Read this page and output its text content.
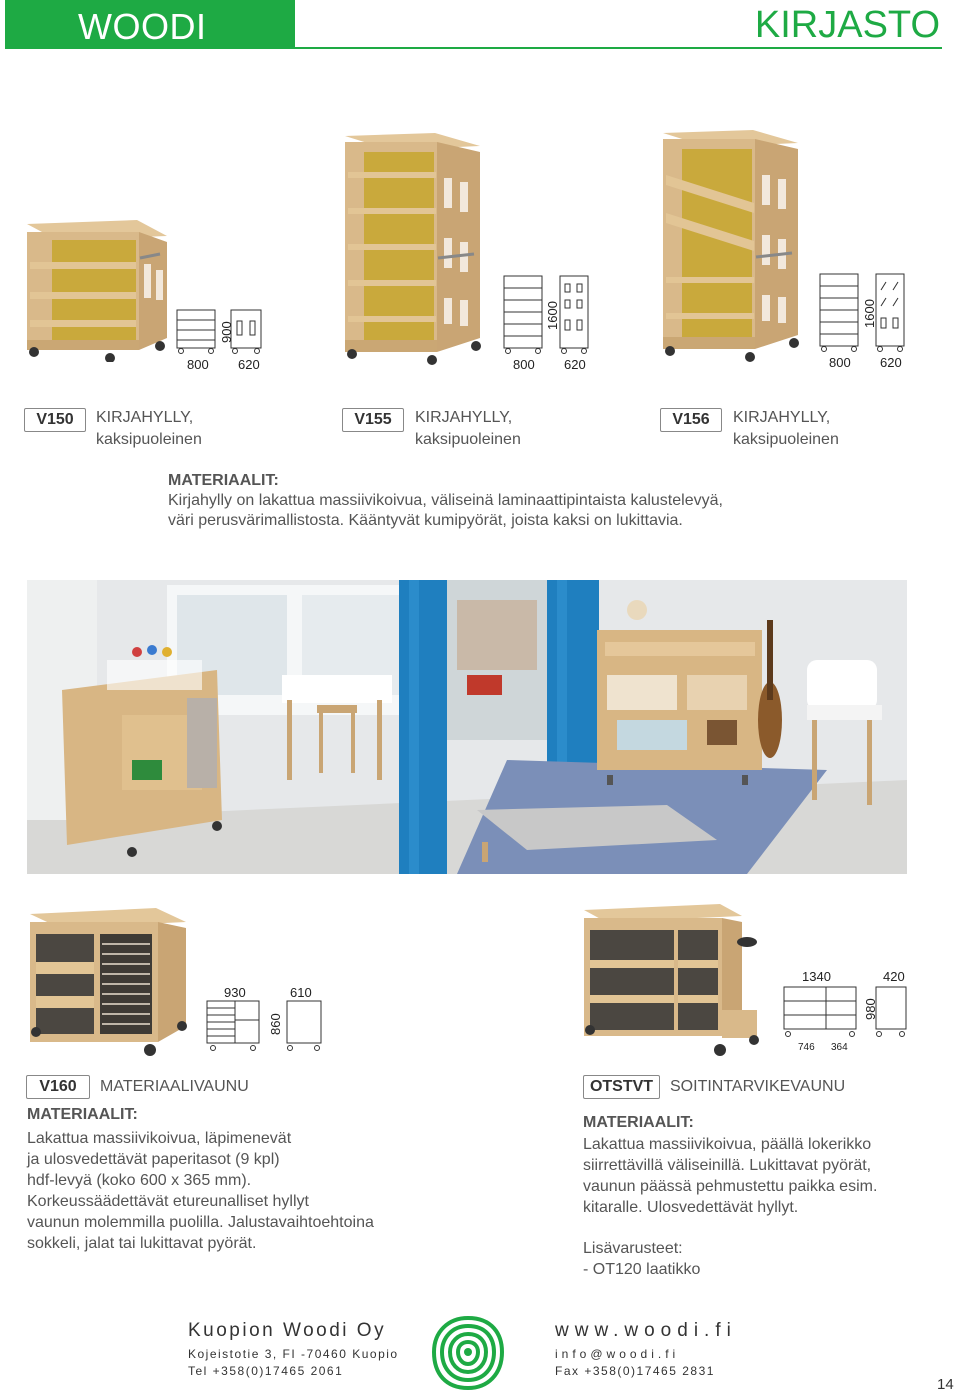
WOODI	KIRJASTO
800 620
900
800 620
1600
800 620
1600
V150	KIRJAHYLLY,
kaksipuoleinen
V155	KIRJAHYLLY,
kaksipuoleinen
V156	KIRJAHYLLY,
kaksipuoleinen
MATERIAALIT:
Kirjahylly on lakattua massiivikoivua, väliseinä laminaattipintaista kalustelevyä,
väri perusvärimallistosta. Kääntyvät kumipyörät, joista kaksi on lukittavia.
930	610
860
V160	MATERIAALIVAUNU
MATERIAALIT:
Lakattua massiivikoivua, läpimenevät
ja ulosvedettävät paperitasot (9 kpl)
hdf-levyä (koko 600 x 365 mm).
Korkeussäädettävät etureunalliset hyllyt
vaunun molemmilla puolilla. Jalustavaihtoehtoina
sokkeli, jalat tai lukittavat pyörät.
1340	420
980
746 364
OTSTVT	SOITINTARVIKEVAUNU
MATERIAALIT:
Lakattua massiivikoivua, päällä lokerikko
siirrettävillä väliseinillä. Lukittavat pyörät,
vaunun päässä pehmustettu paikka esim.
kitaralle. Ulosvedettävät hyllyt.
Lisävarusteet:
- OT120 laatikko
Kuopion Woodi Oy
Kojeistotie 3, FI -70460 Kuopio
Tel +358(0)17465 2061
www.woodi.fi
info@woodi.fi
Fax +358(0)17465 2831
14
